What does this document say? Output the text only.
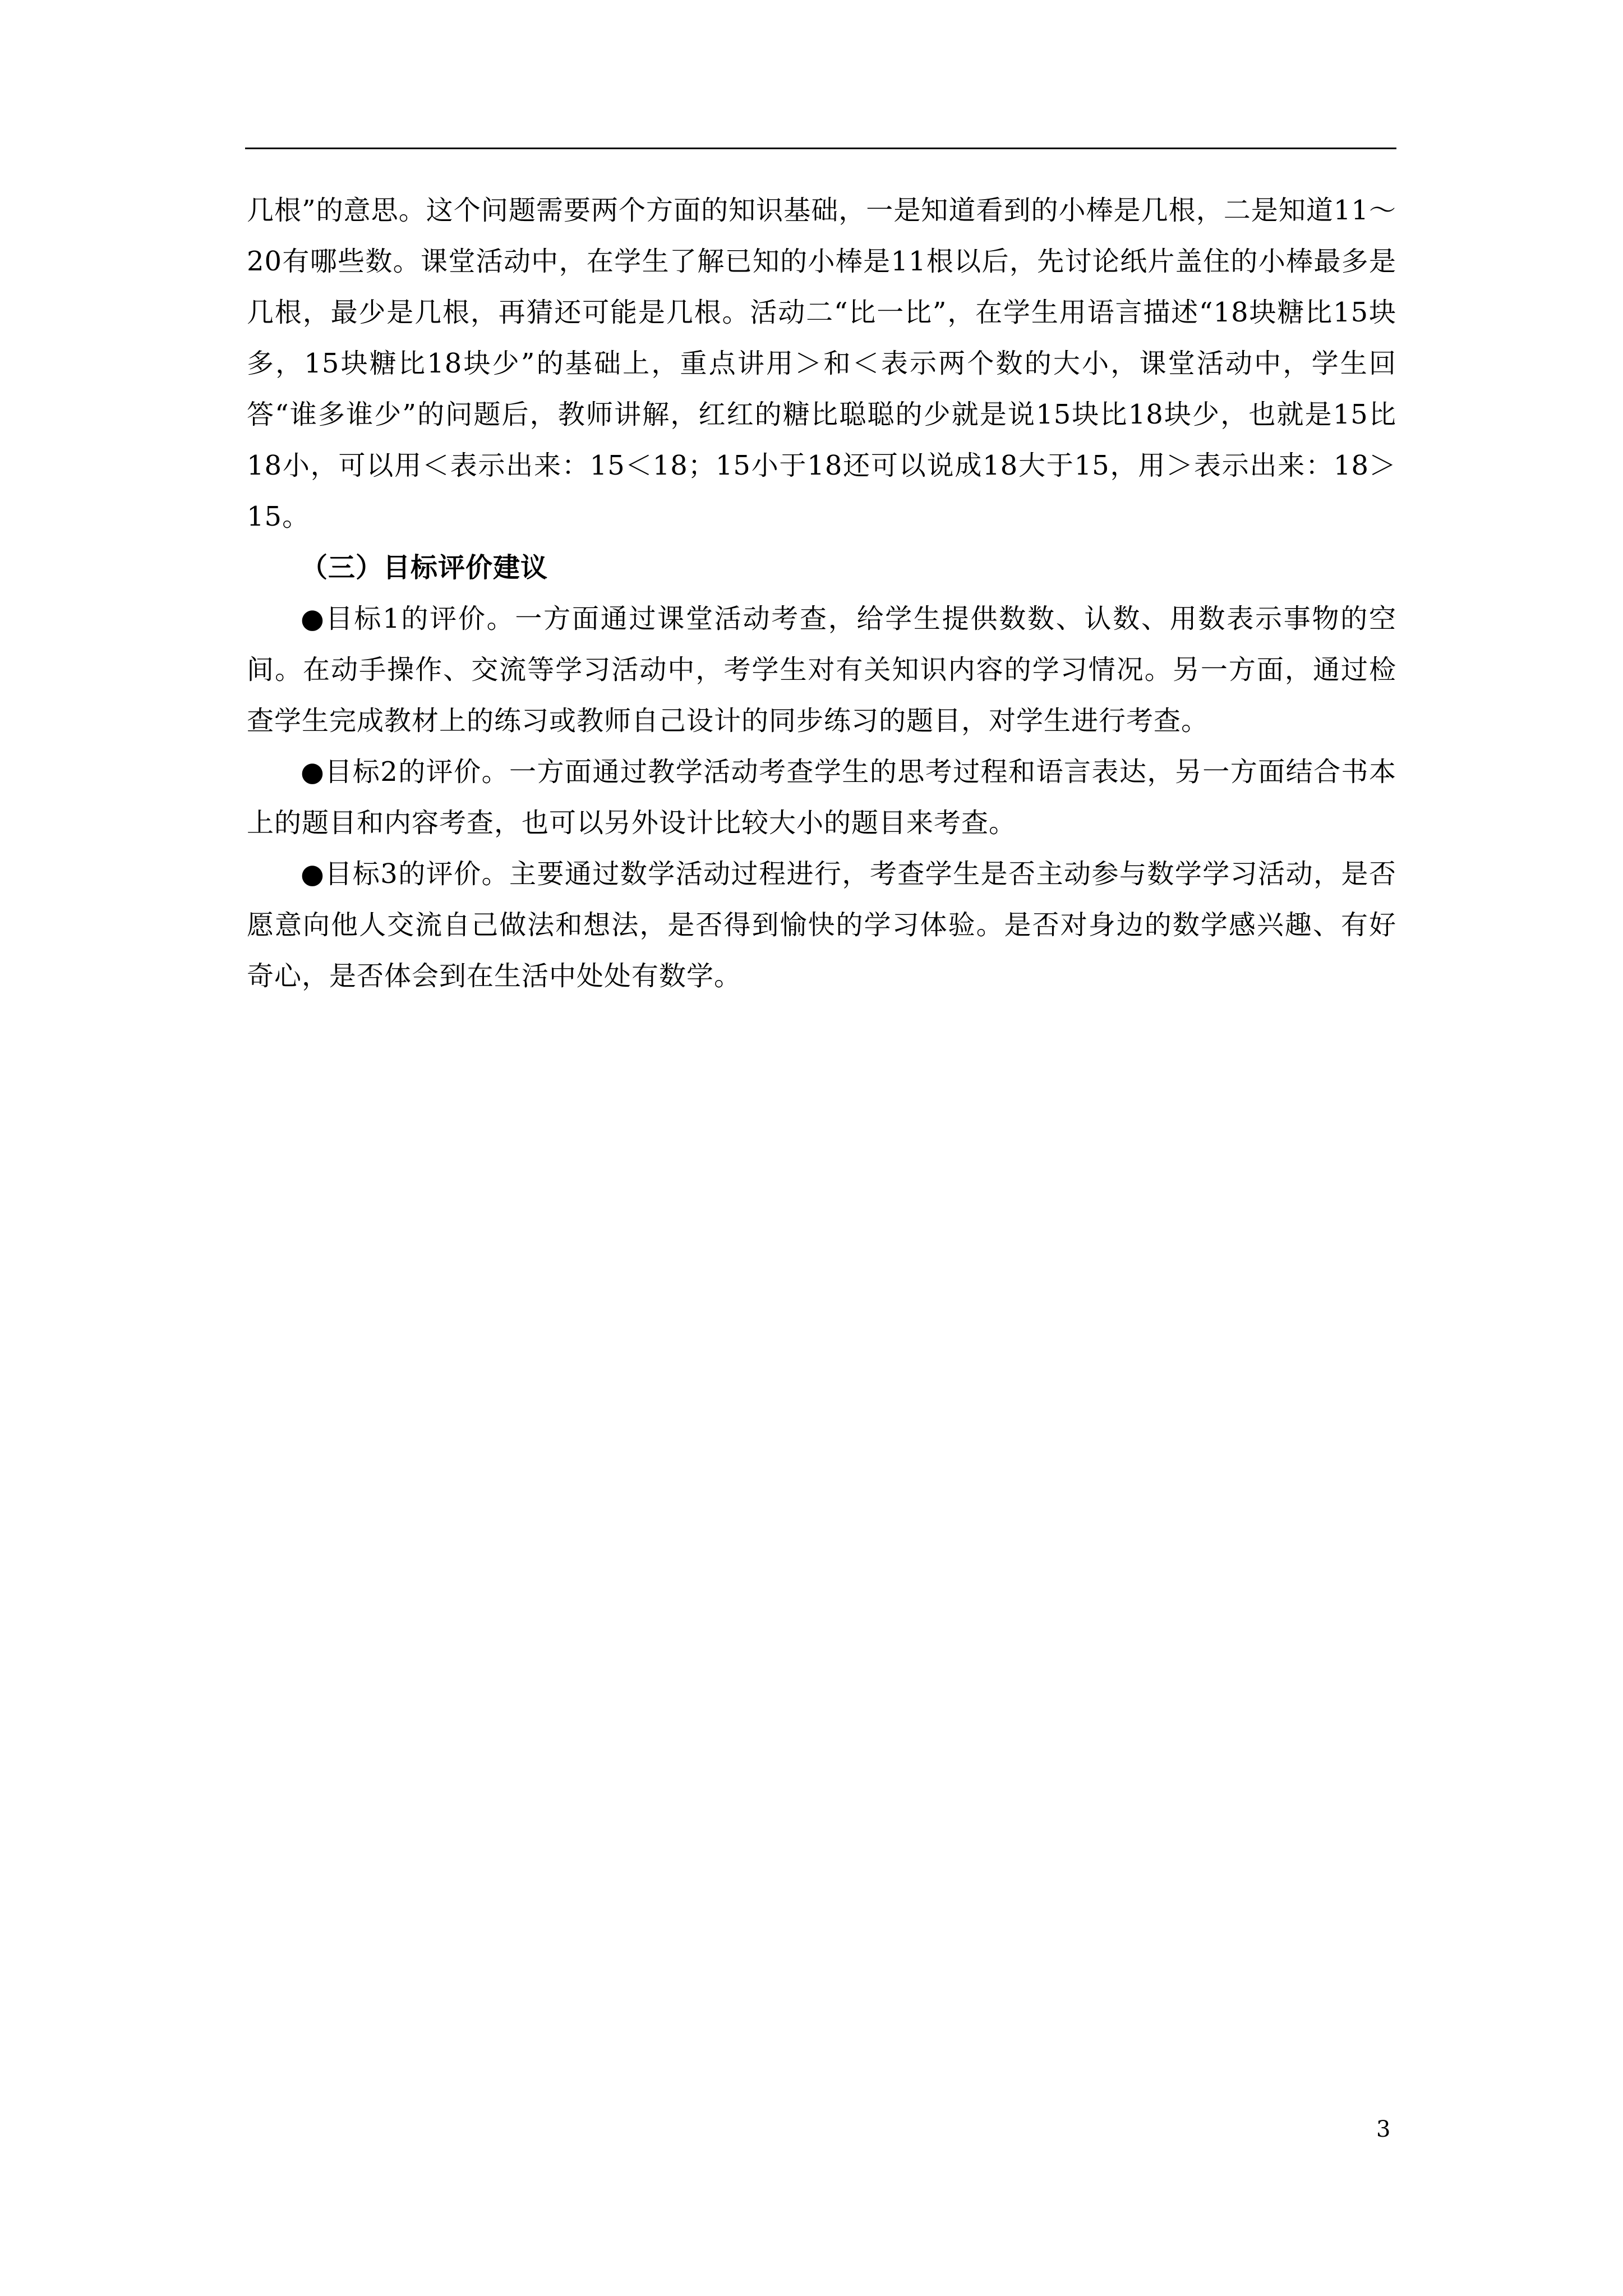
几根”的意思。这个问题需要两个方面的知识基础，一是知道看到的小棒是几根，二是知道11～20有哪些数。课堂活动中，在学生了解已知的小棒是11根以后，先讨论纸片盖住的小棒最多是几根，最少是几根，再猜还可能是几根。活动二“比一比”，在学生用语言描述“18块糖比15块多，15块糖比18块少”的基础上，重点讲用＞和＜表示两个数的大小，课堂活动中，学生回答“谁多谁少”的问题后，教师讲解，红红的糖比聪聪的少就是说15块比18块少，也就是15比18小，可以用＜表示出来：15＜18；15小于18还可以说成18大于15，用＞表示出来：18＞15。

（三）目标评价建议

●目标1的评价。一方面通过课堂活动考查，给学生提供数数、认数、用数表示事物的空间。在动手操作、交流等学习活动中，考学生对有关知识内容的学习情况。另一方面，通过检查学生完成教材上的练习或教师自己设计的同步练习的题目，对学生进行考查。

●目标2的评价。一方面通过教学活动考查学生的思考过程和语言表达，另一方面结合书本上的题目和内容考查，也可以另外设计比较大小的题目来考查。

●目标3的评价。主要通过数学活动过程进行，考查学生是否主动参与数学学习活动，是否愿意向他人交流自己做法和想法，是否得到愉快的学习体验。是否对身边的数学感兴趣、有好奇心，是否体会到在生活中处处有数学。

3
